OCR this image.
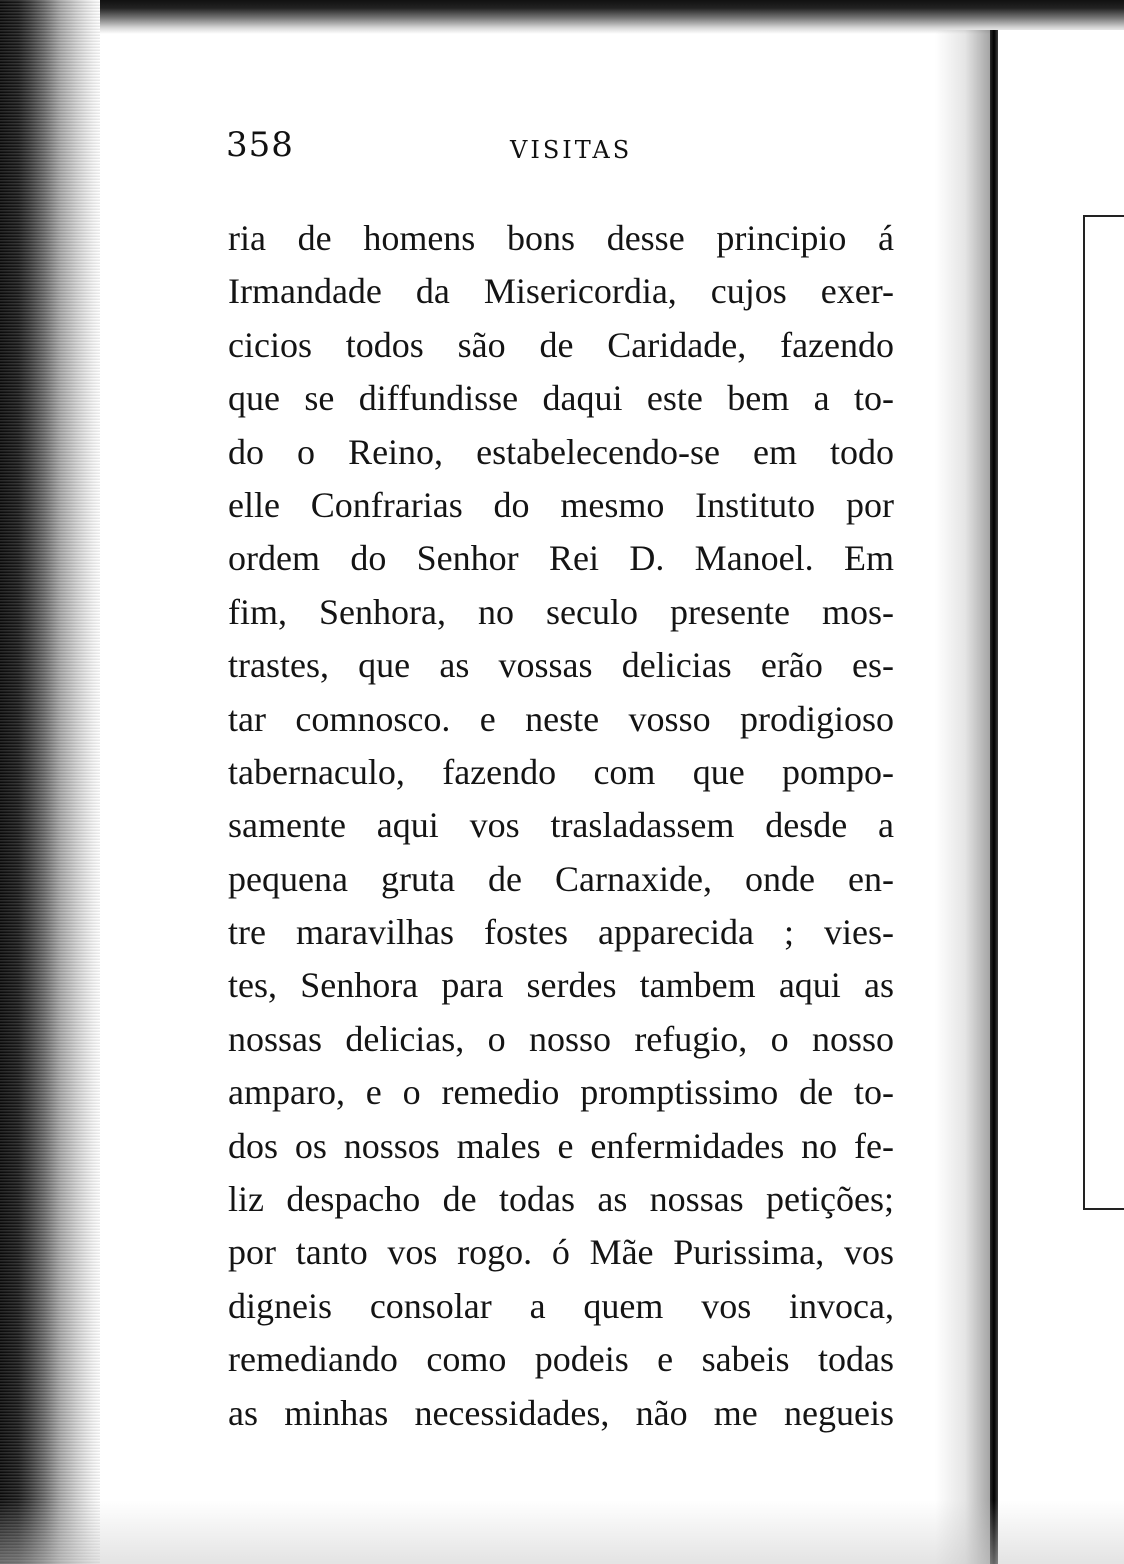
358	VISITAS
ria de homens bons desse principio á
Irmandade da Misericordia, cujos exer-
cicios todos são de Caridade, fazendo
que se diffundisse daqui este bem a to-
do o Reino, estabelecendo-se em todo
elle Confrarias do mesmo Instituto por
ordem do Senhor Rei D. Manoel. Em
fim, Senhora, no seculo presente mos-
trastes, que as vossas delicias erão es-
tar comnosco. e neste vosso prodigioso
tabernaculo, fazendo com que pompo-
samente aqui vos trasladassem desde a
pequena gruta de Carnaxide, onde en-
tre maravilhas fostes apparecida ; vies-
tes, Senhora para serdes tambem aqui as
nossas delicias, o nosso refugio, o nosso
amparo, e o remedio promptissimo de to-
dos os nossos males e enfermidades no fe-
liz despacho de todas as nossas petições;
por tanto vos rogo. ó Mãe Purissima, vos
digneis consolar a quem vos invoca,
remediando como podeis e sabeis todas
as minhas necessidades, não me negueis
